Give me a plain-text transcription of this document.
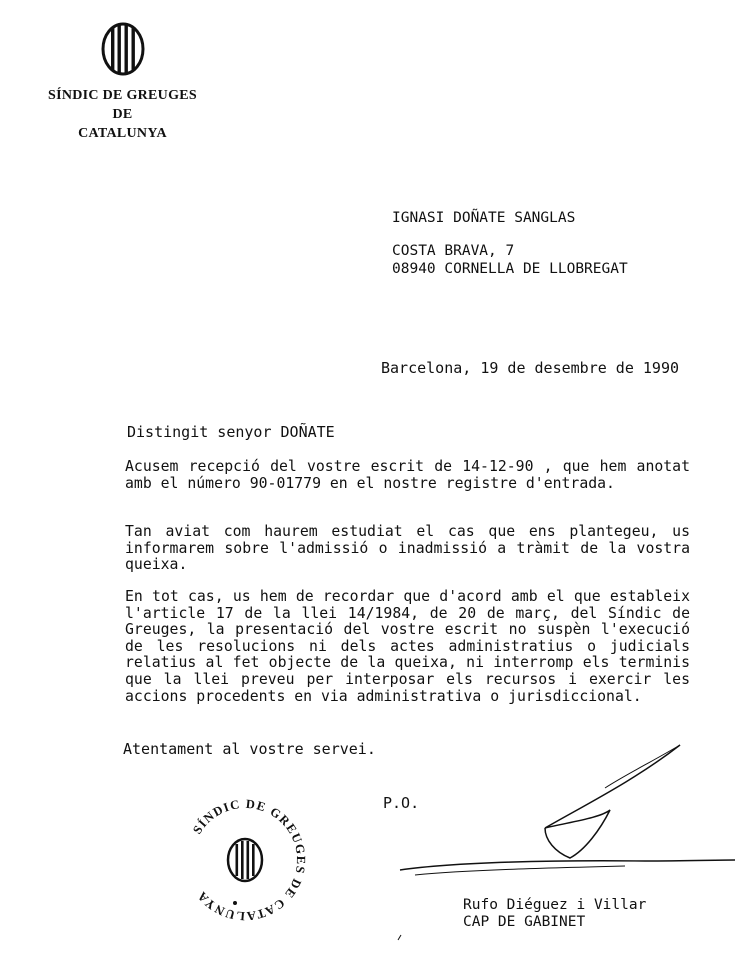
SÍNDIC DE GREUGES
DE
CATALUNYA
IGNASI DOÑATE SANGLAS
COSTA BRAVA, 7
08940 CORNELLA DE LLOBREGAT
Barcelona, 19 de desembre de 1990
Distingit senyor DOÑATE
Acusem recepció del vostre escrit de 14-12-90 , que hem anotat amb el número 90-01779 en el nostre registre d'entrada.
Tan aviat com haurem estudiat el cas que ens plantegeu, us informarem sobre l'admissió o inadmissió a tràmit de la vostra queixa.
En tot cas, us hem de recordar que d'acord amb el que estableix l'article 17 de la llei 14/1984, de 20 de març, del Síndic de Greuges, la presentació del vostre escrit no suspèn l'execució de les resolucions ni dels actes administratius o judicials relatius al fet objecte de la queixa, ni interromp els terminis que la llei preveu per interposar els recursos i exercir les accions procedents en via administrativa o jurisdiccional.
Atentament al vostre servei.
P.O.
SÍNDIC DE GREUGES DE CATALUNYA	Rufo Diéguez i Villar
CAP DE GABINET
